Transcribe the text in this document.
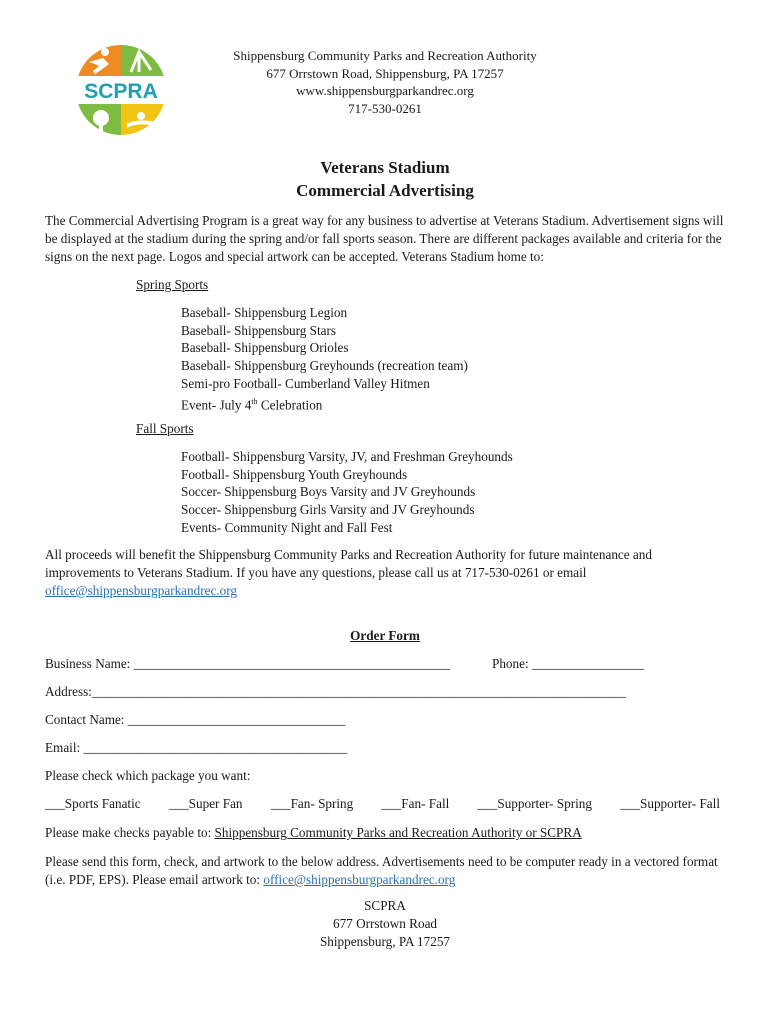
SCPRA
Shippensburg Community Parks and Recreation Authority
677 Orrstown Road, Shippensburg, PA 17257
www.shippensburgparkandrec.org
717-530-0261
Veterans Stadium
Commercial Advertising
The Commercial Advertising Program is a great way for any business to advertise at Veterans Stadium. Advertisement signs will be displayed at the stadium during the spring and/or fall sports season. There are different packages available and criteria for the signs on the next page. Logos and special artwork can be accepted. Veterans Stadium home to:
Spring Sports
Baseball- Shippensburg Legion
Baseball- Shippensburg Stars
Baseball- Shippensburg Orioles
Baseball- Shippensburg Greyhounds (recreation team)
Semi-pro Football- Cumberland Valley Hitmen
Event- July 4th Celebration
Fall Sports
Football- Shippensburg Varsity, JV, and Freshman Greyhounds
Football- Shippensburg Youth Greyhounds
Soccer- Shippensburg Boys Varsity and JV Greyhounds
Soccer- Shippensburg Girls Varsity and JV Greyhounds
Events- Community Night and Fall Fest
All proceeds will benefit the Shippensburg Community Parks and Recreation Authority for future maintenance and improvements to Veterans Stadium. If you have any questions, please call us at 717-530-0261 or email office@shippensburgparkandrec.org
Order Form
Business Name: ________________________________________________	Phone: _________________
Address:_________________________________________________________________________________
Contact Name: _________________________________
Email: ________________________________________
Please check which package you want:
___Sports Fanatic ___Super Fan ___Fan- Spring ___Fan- Fall ___Supporter- Spring ___Supporter- Fall
Please make checks payable to: Shippensburg Community Parks and Recreation Authority or SCPRA
Please send this form, check, and artwork to the below address. Advertisements need to be computer ready in a vectored format (i.e. PDF, EPS). Please email artwork to: office@shippensburgparkandrec.org
SCPRA
677 Orrstown Road
Shippensburg, PA 17257
